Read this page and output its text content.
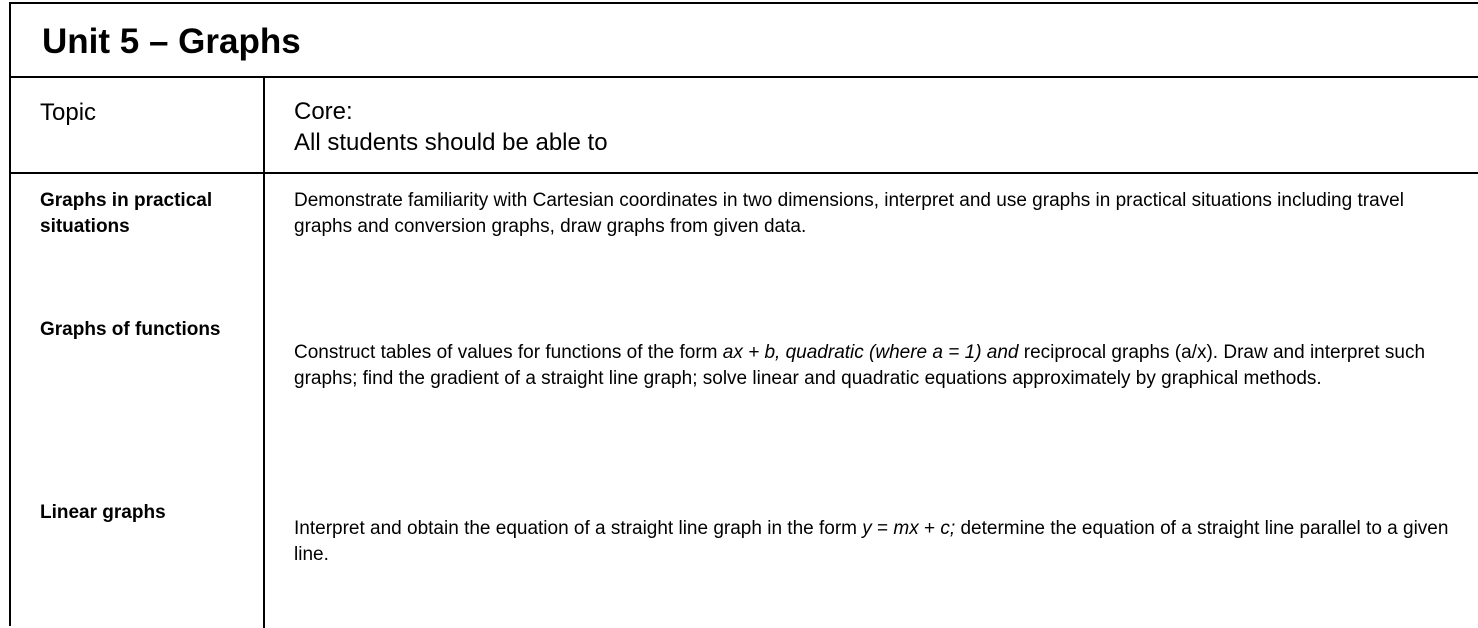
Unit 5 – Graphs
Topic	Core:
All students should be able to
Graphs in practical situations
Demonstrate familiarity with Cartesian coordinates in two dimensions, interpret and use graphs in practical situations including travel graphs and conversion graphs, draw graphs from given data.
Graphs of functions
Construct tables of values for functions of the form ax + b, quadratic (where a = 1) and reciprocal graphs (a/x). Draw and interpret such graphs; find the gradient of a straight line graph; solve linear and quadratic equations approximately by graphical methods.
Linear graphs
Interpret and obtain the equation of a straight line graph in the form y = mx + c; determine the equation of a straight line parallel to a given line.
